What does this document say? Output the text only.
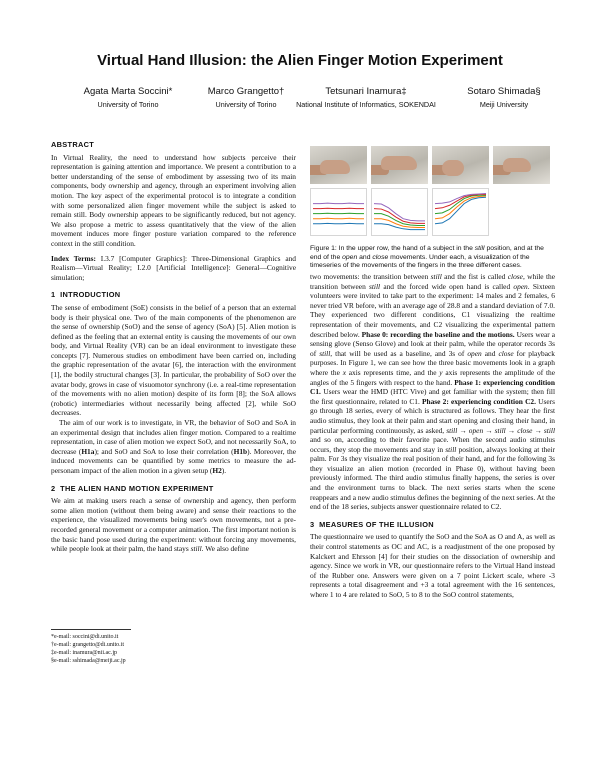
Virtual Hand Illusion: the Alien Finger Motion Experiment
Agata Marta Soccini*
University of Torino
Marco Grangetto†
University of Torino
Tetsunari Inamura‡
National Institute of Informatics, SOKENDAI
Sotaro Shimada§
Meiji University
ABSTRACT

In Virtual Reality, the need to understand how subjects perceive their representation is gaining attention and importance. We present a contribution to a better understanding of the sense of embodiment by assessing two of its main components, body ownership and agency, through an experiment involving alien motion. The key aspect of the experimental protocol is to integrate a condition with some personalized alien finger movement while the subject is asked to remain still. Body ownership appears to be significantly reduced, but not agency. We also propose a metric to assess quantitatively that the view of the alien movement induces more finger posture variation compared to the reference context in the still condition.

Index Terms: I.3.7 [Computer Graphics]: Three-Dimensional Graphics and Realism—Virtual Reality; I.2.0 [Artificial Intelligence]: General—Cognitive simulation;

1 INTRODUCTION

The sense of embodiment (SoE) consists in the belief of a person that an external body is their physical one. Two of the main components of the phenomenon are the sense of ownership (SoO) and the sense of agency (SoA) [5]. Alien motion is defined as the feeling that an external entity is causing the movements of our own body, and Virtual Reality (VR) can be an ideal environment to investigate these concepts [7]. Numerous studies on embodiment have been carried on, including the graphic representation of the avatar [6], the interaction with the environment [1], the bodily structural changes [3]. In particular, the probability of SoO over the avatar body, grows in case of visuomotor synchrony (i.e. a real-time representation of the movements with no alien motion) despite of its form [8]; the SoA allows (robotic) intermediaries without necessarily being affected [2], while SoO decreases.

The aim of our work is to investigate, in VR, the behavior of SoO and SoA in an experimental design that includes alien finger motion. Compared to a realtime representation, in case of alien motion we expect SoO, and not necessarily SoA, to decrease (H1a); and SoO and SoA to lose their correlation (H1b). Moreover, the induced movements can be quantified by some metrics to measure the ad-personam impact of the alien motion in a given setup (H2).

2 THE ALIEN HAND MOTION EXPERIMENT

We aim at making users reach a sense of ownership and agency, then perform some alien motion (without them being aware) and sense their reactions to the experience, the visualized movements being user's own movements, not a pre-recorded general movement or a computer animation. The first important notion is the basic hand pose used during the experiment: without forcing any movements, while people look at their palm, the hand stays still. We also define

*e-mail: soccini@di.unito.it
†e-mail: grangetto@di.unito.it
‡e-mail: inamura@nii.ac.jp
§e-mail: sshimada@meiji.ac.jp
Figure 1: In the upper row, the hand of a subject in the still position, and at the end of the open and close movements. Under each, a visualization of the timeseries of the movements of the fingers in the three different cases.

two movements: the transition between still and the fist is called close, while the transition between still and the forced wide open hand is called open. Sixteen volunteers were invited to take part to the experiment: 14 males and 2 females, 6 never tried VR before, with an average age of 28.8 and a standard deviation of 7.0. They experienced two different conditions, C1 visualizing the realtime representation of their movements, and C2 visualizing the experimental pattern described below. Phase 0: recording the baseline and the motions. Users wear a sensing glove (Senso Glove) and look at their palm, while the operator records 3s of still, that will be used as a baseline, and 3s of open and close for playback purposes. In Figure 1, we can see how the three basic movements look in a graph where the x axis represents time, and the y axis represents the amplitude of the angles of the 5 fingers with respect to the hand. Phase 1: experiencing condition C1. Users wear the HMD (HTC Vive) and get familiar with the system; then fill the first questionnaire, related to C1. Phase 2: experiencing condition C2. Users go through 18 series, every of which is structured as follows. They hear the first audio stimulus, they look at their palm and start opening and closing their hand, in particular performing continuously, as asked, still → open → still → close → still and so on, according to their favorite pace. When the second audio stimulus occurs, they stop the movements and stay in still position, always looking at their palm. For 3s they visualize the real position of their hand, and for the following 3s they visualize an alien motion (recorded in Phase 0), without having been previously informed. The third audio stimulus finally happens, the series is over and the environment turns to black. The next series starts when the scene reappears and a new audio stimulus defines the beginning of the next series. At the end of the 18 series, subjects answer questionnaire related to C2.

3 MEASURES OF THE ILLUSION

The questionnaire we used to quantify the SoO and the SoA as O and A, as well as their control statements as OC and AC, is a readjustment of the one proposed by Kalckert and Ehrsson [4] for their studies on the dissociation of ownership and agency. Since we work in VR, our questionnaire refers to the Virtual Hand instead of the Rubber one. Answers were given on a 7 point Lickert scale, where -3 represents a total disagreement and +3 a total agreement with the 16 sentences, where 1 to 4 are related to SoO, 5 to 8 to the SoO control statements,
